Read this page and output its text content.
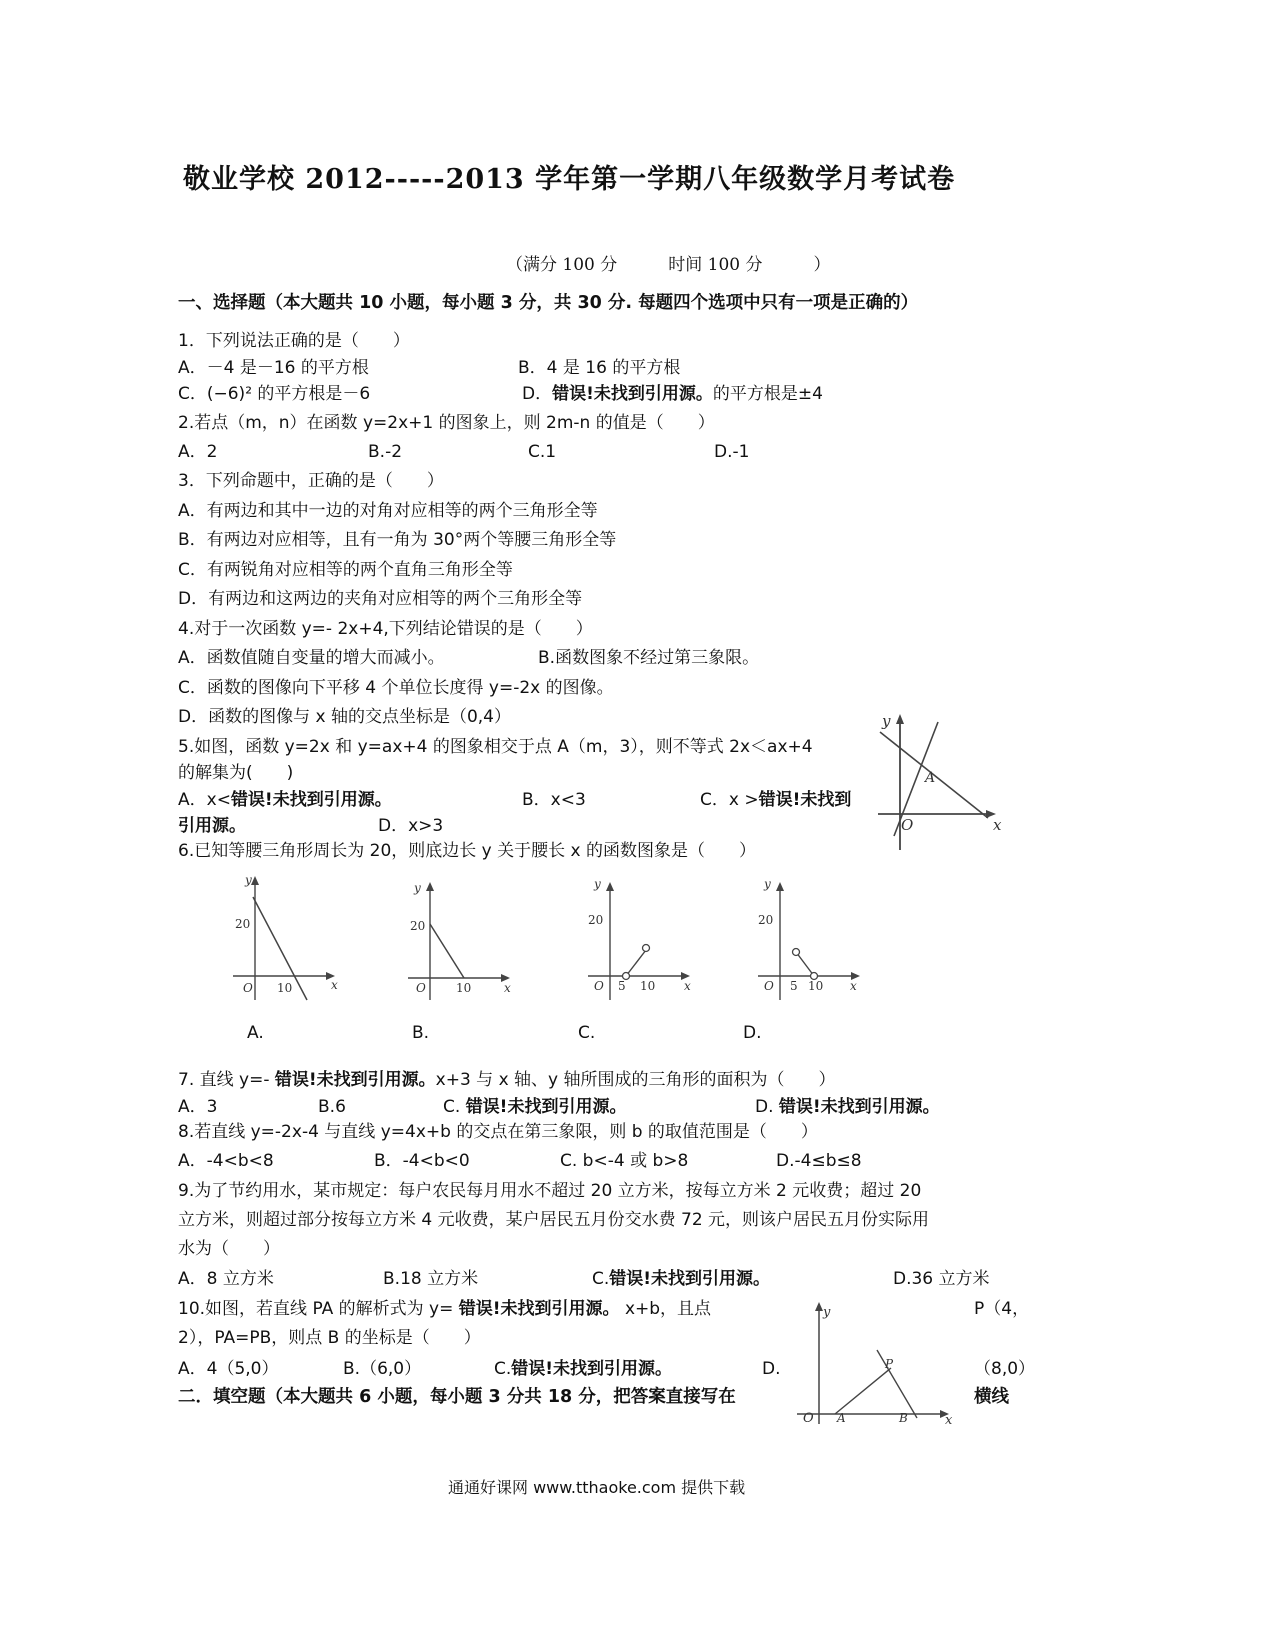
敬业学校 2012-----2013 学年第一学期八年级数学月考试卷
（满分 100 分　　　时间 100 分　　　）
一、选择题（本大题共 10 小题，每小题 3 分，共 30 分. 每题四个选项中只有一项是正确的）
1．下列说法正确的是（　　）
A．－4 是－16 的平方根	B．4 是 16 的平方根
C．(−6)² 的平方根是－6	D．错误!未找到引用源。的平方根是±4
2.若点（m，n）在函数 y=2x+1 的图象上，则 2m-n 的值是（　　）
A．2	B.-2	C.1	D.-1
3．下列命题中，正确的是（　　）
A．有两边和其中一边的对角对应相等的两个三角形全等
B．有两边对应相等，且有一角为 30°两个等腰三角形全等
C．有两锐角对应相等的两个直角三角形全等
D．有两边和这两边的夹角对应相等的两个三角形全等
4.对于一次函数 y=- 2x+4,下列结论错误的是（　　）
A．函数值随自变量的增大而减小。	B.函数图象不经过第三象限。
C．函数的图像向下平移 4 个单位长度得 y=-2x 的图像。
D．函数的图像与 x 轴的交点坐标是（0,4）
5.如图，函数 y=2x 和 y=ax+4 的图象相交于点 A（m，3），则不等式 2x＜ax+4
的解集为(　　)
A．x<错误!未找到引用源。	B．x<3	C．x >错误!未找到
引用源。	D．x>3
y
x
O
A
6.已知等腰三角形周长为 20，则底边长 y 关于腰长 x 的函数图象是（　　）
y
20
O 10	x
A.
y
20
O	10	x
B.
y
20
O 5 10 x
C.
y
20
O 5 10 x
D.
7. 直线 y=- 错误!未找到引用源。x+3 与 x 轴、y 轴所围成的三角形的面积为（　　）
A．3	B.6	C. 错误!未找到引用源。	D. 错误!未找到引用源。
8.若直线 y=-2x-4 与直线 y=4x+b 的交点在第三象限，则 b 的取值范围是（　　）
A．-4<b<8	B．-4<b<0	C. b<-4 或 b>8	D.-4≤b≤8
9.为了节约用水，某市规定：每户农民每月用水不超过 20 立方米，按每立方米 2 元收费；超过 20
立方米，则超过部分按每立方米 4 元收费，某户居民五月份交水费 72 元，则该户居民五月份实际用
水为（　　）
A．8 立方米	B.18 立方米	C.错误!未找到引用源。	D.36 立方米
10.如图，若直线 PA 的解析式为 y= 错误!未找到引用源。 x+b，且点	P（4，
2），PA=PB，则点 B 的坐标是（　　）
A．4（5,0）	B.（6,0）	C.错误!未找到引用源。	D.	（8,0）
y
x
O A	B
P
二．填空题（本大题共 6 小题，每小题 3 分共 18 分，把答案直接写在	横线
通通好课网 www.tthaoke.com 提供下载
